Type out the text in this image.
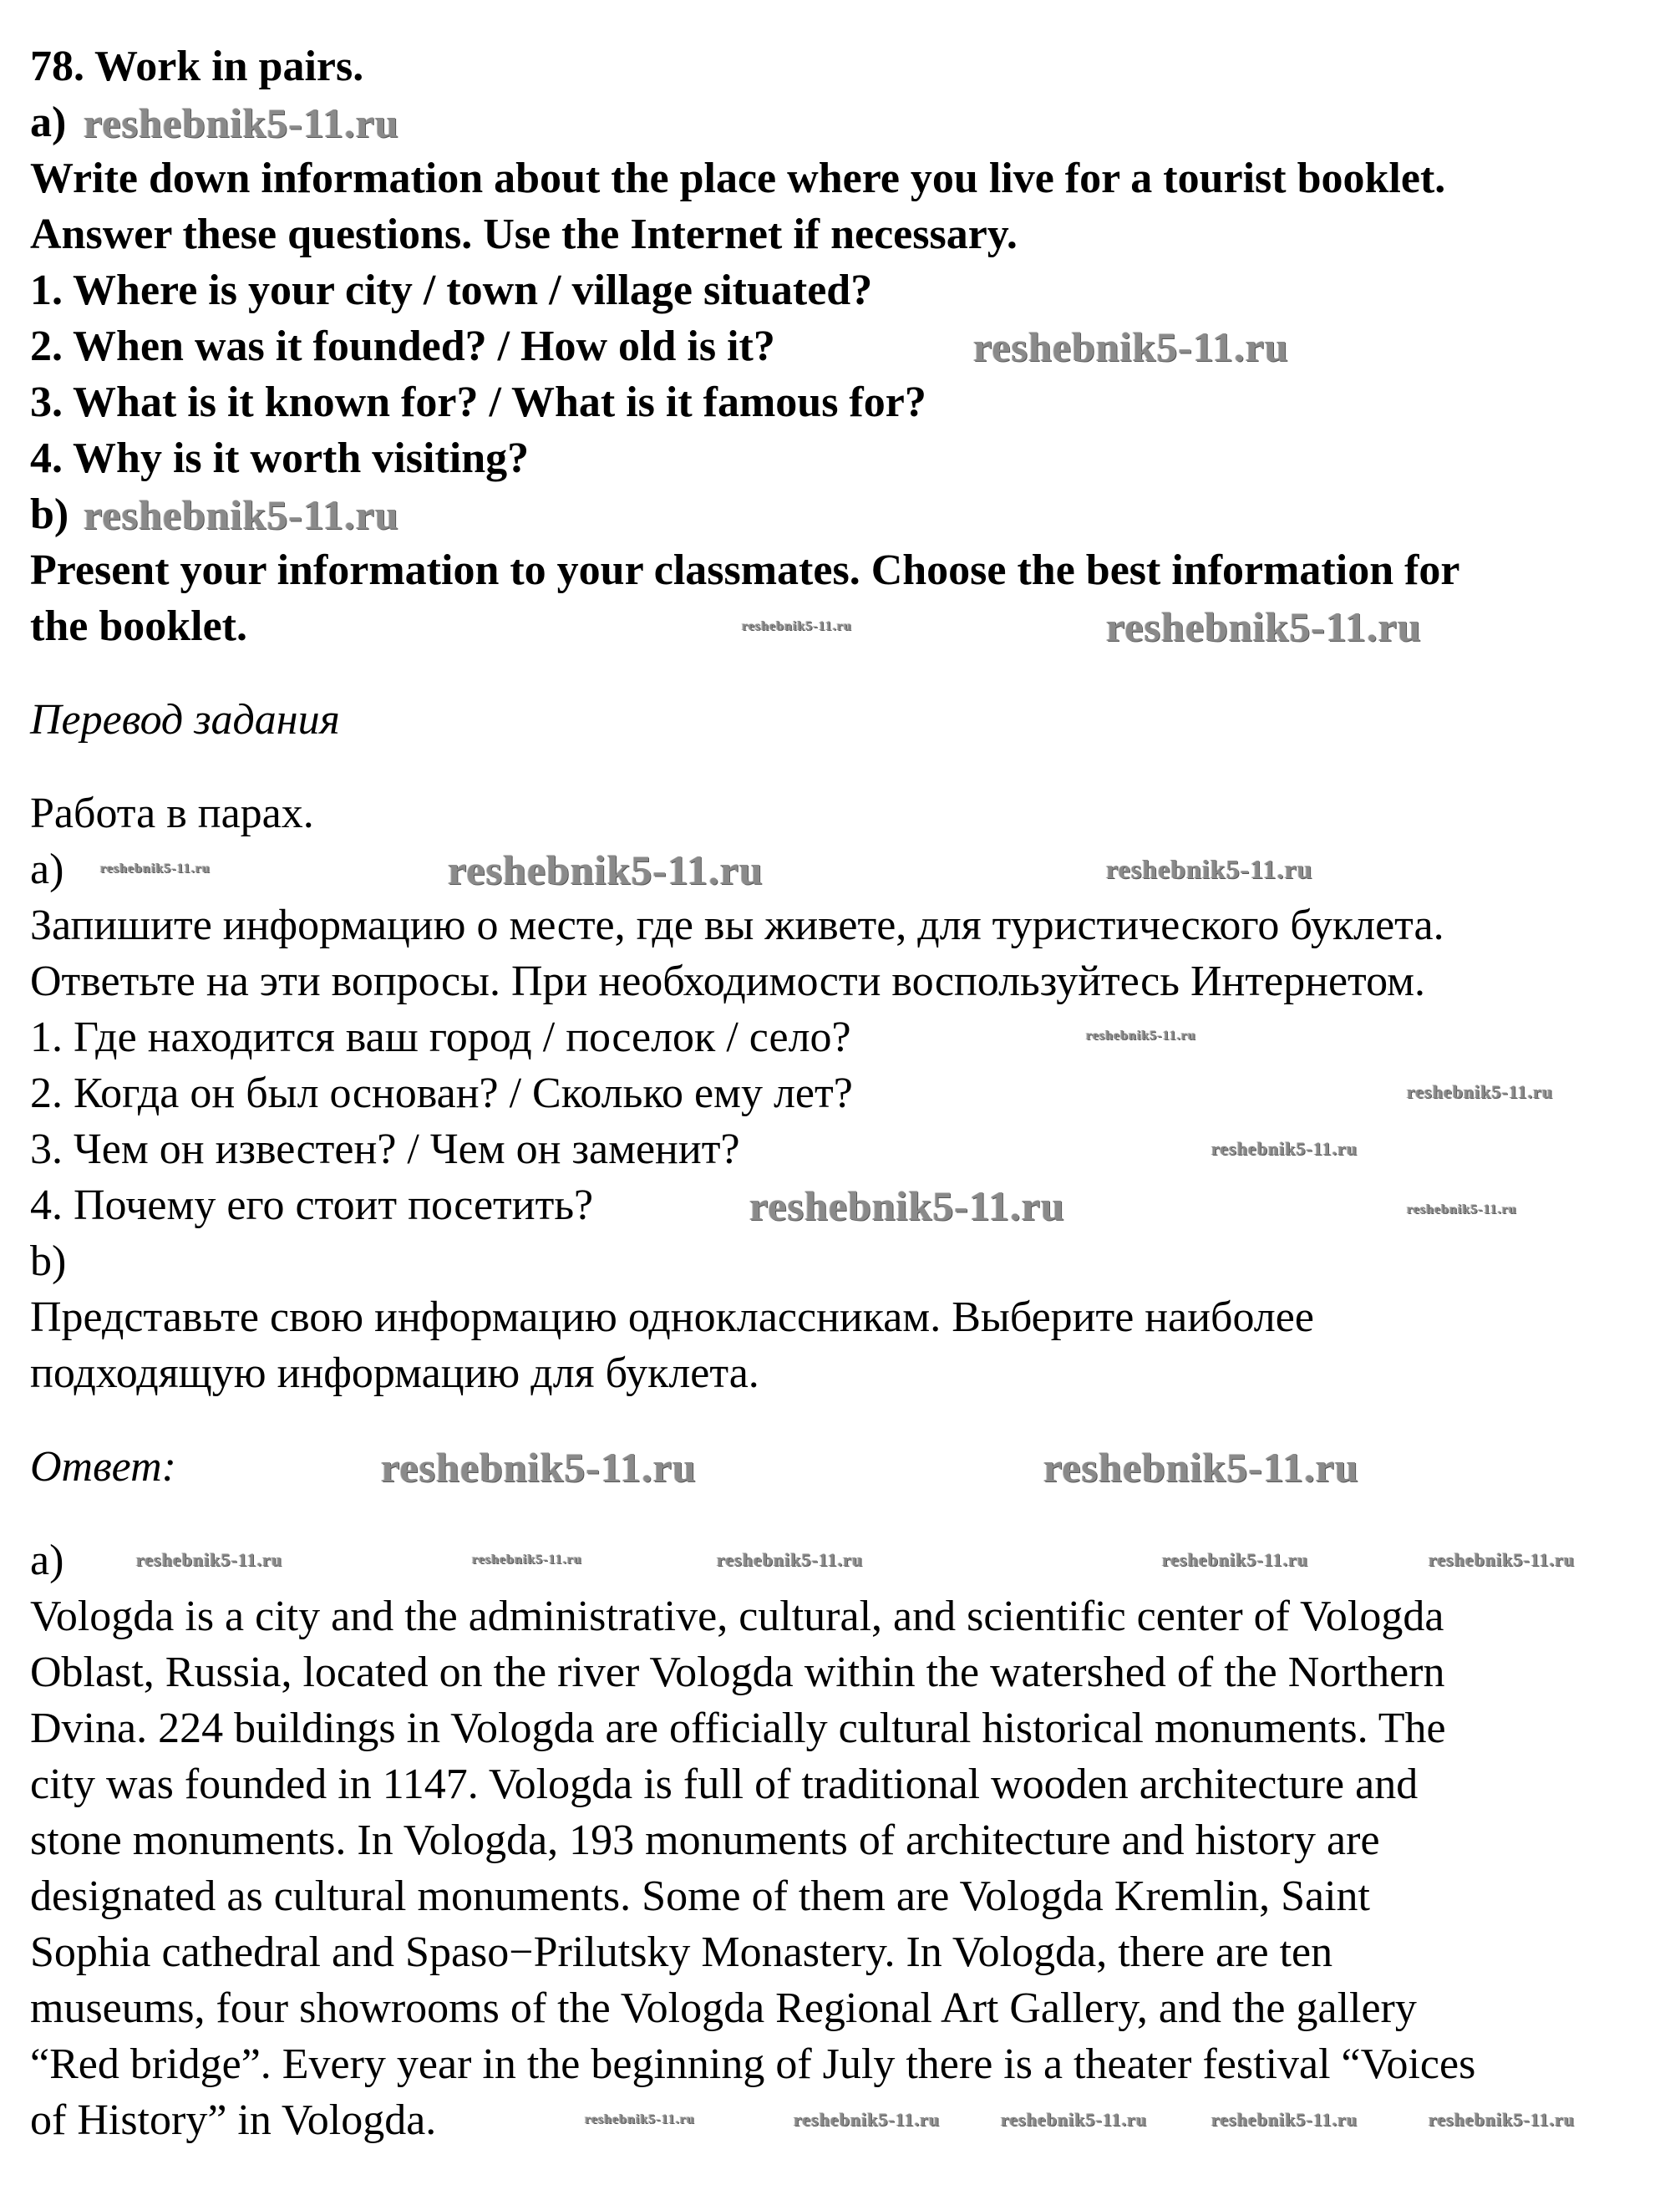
78. Work in pairs.
a)
Write down information about the place where you live for a tourist booklet.
Answer these questions. Use the Internet if necessary.
1. Where is your city / town / village situated?
2. When was it founded? / How old is it?
3. What is it known for? / What is it famous for?
4. Why is it worth visiting?
b)
Present your information to your classmates. Choose the best information for
the booklet.
Перевод задания
Работа в парах.
а)
Запишите информацию о месте, где вы живете, для туристического буклета.
Ответьте на эти вопросы. При необходимости воспользуйтесь Интернетом.
1. Где находится ваш город / поселок / село?
2. Когда он был основан? / Сколько ему лет?
3. Чем он известен? / Чем он заменит?
4. Почему его стоит посетить?
b)
Представьте свою информацию одноклассникам. Выберите наиболее
подходящую информацию для буклета.
Ответ:
a)
Vologda is a city and the administrative, cultural, and scientific center of Vologda
Oblast, Russia, located on the river Vologda within the watershed of the Northern
Dvina. 224 buildings in Vologda are officially cultural historical monuments. The
city was founded in 1147. Vologda is full of traditional wooden architecture and
stone monuments. In Vologda, 193 monuments of architecture and history are
designated as cultural monuments. Some of them are Vologda Kremlin, Saint
Sophia cathedral and Spaso−Prilutsky Monastery. In Vologda, there are ten
museums, four showrooms of the Vologda Regional Art Gallery, and the gallery
“Red bridge”. Every year in the beginning of July there is a theater festival “Voices
of History” in Vologda.
reshebnik5-11.ru
reshebnik5-11.ru
reshebnik5-11.ru
reshebnik5-11.ru
reshebnik5-11.ru
reshebnik5-11.ru	reshebnik5-11.ru
reshebnik5-11.ru
reshebnik5-11.ru
reshebnik5-11.ru
reshebnik5-11.ru
reshebnik5-11.ru	reshebnik5-11.ru
reshebnik5-11.ru	reshebnik5-11.ru
reshebnik5-11.ru	reshebnik5-11.ru	reshebnik5-11.ru	reshebnik5-11.ru	reshebnik5-11.ru
reshebnik5-11.ru	reshebnik5-11.ru	reshebnik5-11.ru	reshebnik5-11.ru	reshebnik5-11.ru
